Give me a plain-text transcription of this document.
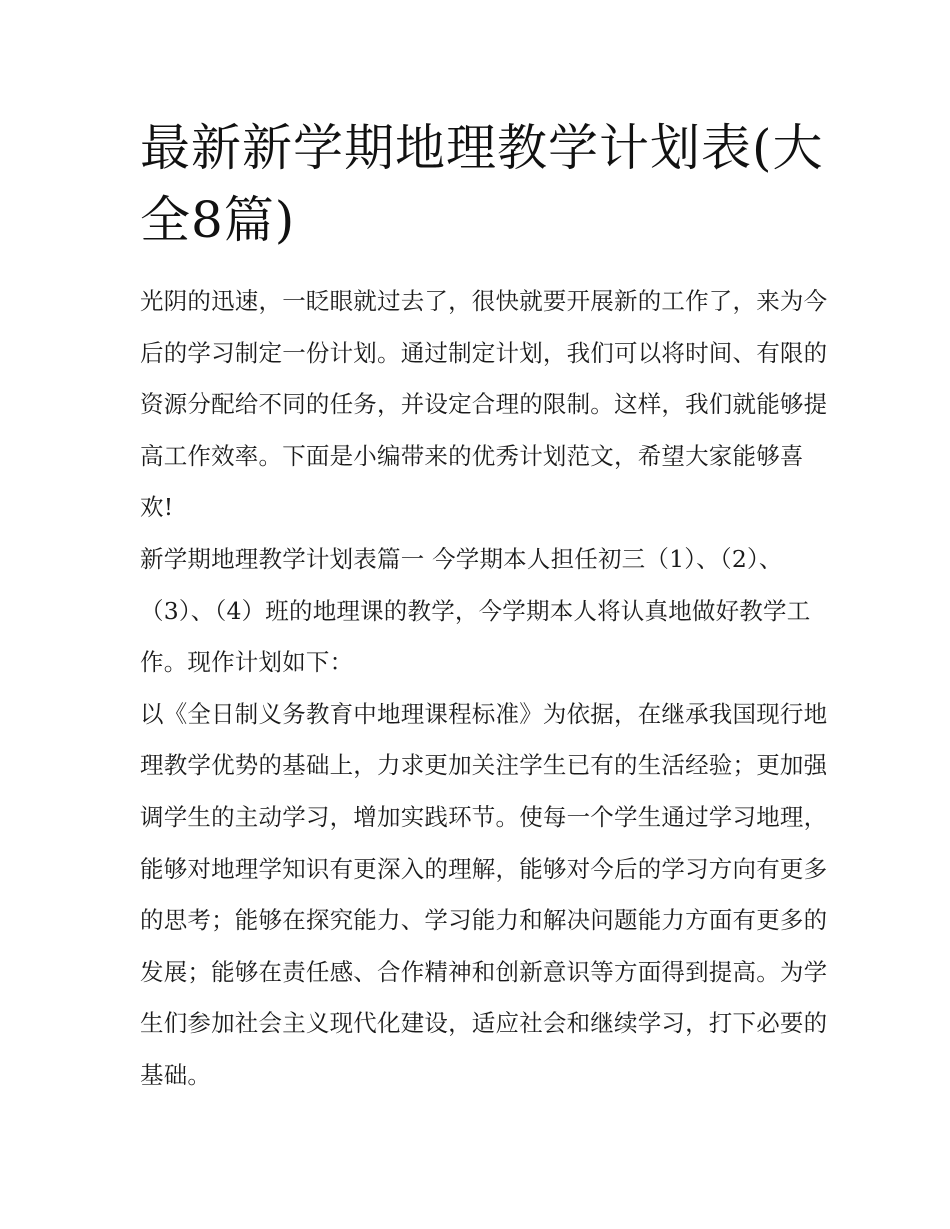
最新新学期地理教学计划表(大全8篇)

光阴的迅速，一眨眼就过去了，很快就要开展新的工作了，来为今后的学习制定一份计划。通过制定计划，我们可以将时间、有限的资源分配给不同的任务，并设定合理的限制。这样，我们就能够提高工作效率。下面是小编带来的优秀计划范文，希望大家能够喜欢!

新学期地理教学计划表篇一 今学期本人担任初三（1）、（2）、（3）、（4）班的地理课的教学，今学期本人将认真地做好教学工作。现作计划如下：

以《全日制义务教育中地理课程标准》为依据，在继承我国现行地理教学优势的基础上，力求更加关注学生已有的生活经验；更加强调学生的主动学习，增加实践环节。使每一个学生通过学习地理，能够对地理学知识有更深入的理解，能够对今后的学习方向有更多的思考；能够在探究能力、学习能力和解决问题能力方面有更多的发展；能够在责任感、合作精神和创新意识等方面得到提高。为学生们参加社会主义现代化建设，适应社会和继续学习，打下必要的基础。
